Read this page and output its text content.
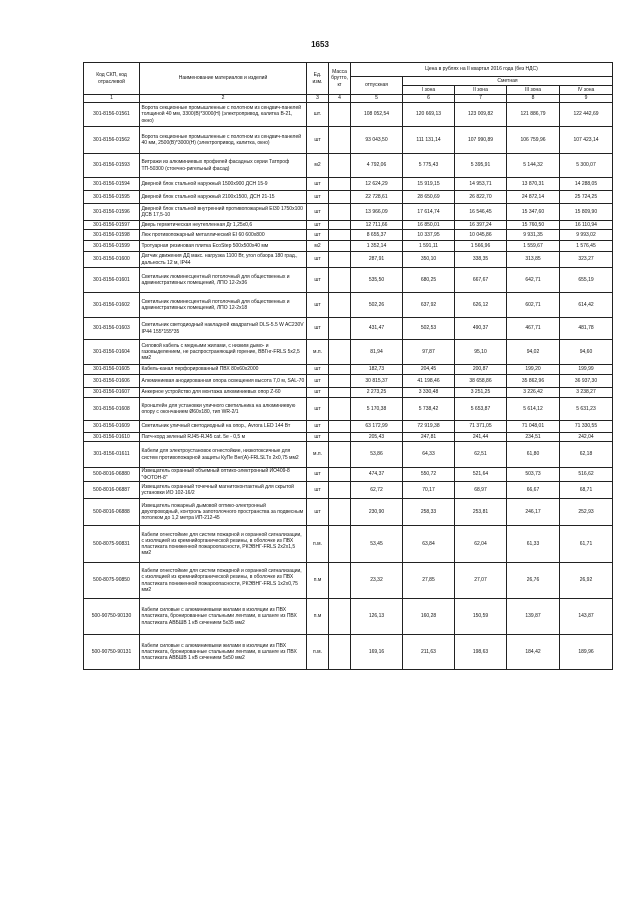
1653
Код СКП, код отраслевой	Наименование материалов и изделий	Ед. изм.	Масса брутто, кг	Цена в рублях на II квартал 2016 года (без НДС)				
				отпускная	Сметная			
					I зона	II зона	III зона	IV зона
1	2	3	4	5	6	7	8	9
301-8156-01561	Ворота секционные промышленные с полотном из сендвич-панелей толщиной 40 мм, 3300(В)*3000(Н) (электропривод, калитка В-21, окно)	шт.		108 052,54	120 669,13	123 009,82	121 886,79	122 442,69
301-8156-01562	Ворота секционные промышленные с полотном из сендвич-панелей 40 мм, 2500(В)*3000(Н) (электропривод, калитка, окно)	шт		93 043,50	111 131,14	107 990,89	106 759,96	107 423,14
301-8156-01593	Витражи из алюминиевых профилей фасадных серии Татпроф ТП-50300 (стоечно-ригельный фасад)	м2		4 792,06	5 775,43	5 395,91	5 144,32	5 300,07
301-8156-01594	Дверной блок стальной наружный 1500х900 ДСН 15-9	шт		12 624,29	15 919,15	14 953,71	13 870,31	14 288,05
301-8156-01595	Дверной блок стальной наружный 2100х1500, ДСН 21-15	шт		22 728,61	28 650,69	26 822,70	24 872,14	25 724,25
301-8156-01596	Дверной блок стальной внутренний противопожарный EI30 1750х100 ДСВ 17,5-10	шт		13 966,09	17 614,74	16 546,45	15 347,60	15 809,90
301-8156-01597	Дверь герметическая неутепленная Дг 1,25х0,6	шт		12 711,66	16 850,01	16 397,24	15 760,50	16 110,94
301-8156-01598	Люк противопожарный металлический EI 60 600х800	шт		8 655,37	10 337,95	10 045,86	9 931,35	9 993,02
301-8156-01599	Тротуарная резиновая плитка EcoStep 500х500х40 мм	м2		1 352,14	1 591,11	1 566,96	1 559,67	1 576,45
301-8156-01600	Датчик движения ДД макс. нагрузка 1100 Вт, угол обзора 180 град., дальность 12 м, IP44	шт		287,91	350,10	338,35	313,85	323,27
301-8156-01601	Светильник люминесцентный потолочный для общественных и административных помещений, ЛПО 12-2х36	шт		535,50	680,25	667,67	642,71	655,19
301-8156-01602	Светильник люминесцентный потолочный для общественных и административных помещений, ЛПО 12-2х18	шт		502,26	637,92	626,12	602,71	614,42
301-8156-01603	Светильник светодиодный накладной квадратный DLS-5.5 W AC230V IP44 155*155*35	шт		431,47	502,53	490,37	467,71	481,78
301-8156-01604	Силовой кабель с медными жилами, с низким дымо- и газовыделением, не распространяющий горение, ВВГнг-FRLS 5х2,5 мм2	м.п.		81,94	97,87	95,10	94,02	94,60
301-8156-01605	Кабель-канал перфорированный ПВХ 80х60х2000	шт		182,73	204,45	200,87	199,20	199,99
301-8156-01606	Алюминиевая анодированная опора освещения высота 7,0 м, SAL-70	шт		30 815,37	41 198,46	38 658,86	35 862,96	36 937,30
301-8156-01607	Анкерное устройство для монтажа алюминиевых опор Z-60	шт		2 273,25	3 330,48	3 251,25	3 226,42	3 238,27
301-8156-01608	Кронштейн для установки уличного светильника на алюминиевую опору с окончанием Ø60х180, тип WR-2/1	шт		5 170,38	5 738,42	5 653,87	5 614,12	5 631,23
301-8156-01609	Светильник уличный светодиодный на опор., Avrora LED 144 Вт	шт		63 172,99	72 919,38	71 371,05	71 048,01	71 330,55
301-8156-01610	Патч-корд зеленый RJ45-RJ45 cat. 5e - 0,5 м	шт		205,43	247,81	241,44	234,51	242,04
301-8156-01611	Кабели для электроустановок огнестойкие, низкотоксичные для систем противопожарной защиты КуПе Внг(А)-FRLSLTx 2х0,75 мм2	м.п.		53,86	64,33	62,51	61,80	62,18
500-8016-06880	Извещатель охранный объемный оптико-электронный ИО409-8 "ФОТОН-8"	шт		474,37	550,72	521,64	503,73	516,62
500-8016-06887	Извещатель охранный точечный магнитоконтактный для скрытой установки ИО 102-16/2	шт		62,72	70,17	68,97	66,67	68,71
500-8016-06888	Извещатель пожарный дымовой оптико-электронный двухпроводный, контроль запотолочного пространства за подвесным потолком до 1,2 метра ИП-212-45	шт		230,90	258,33	253,81	246,17	252,93
500-8075-90831	Кабели огнестойкие для систем пожарной и охранной сигнализации, с изоляцией из кремнийорганической резины, в оболочке из ПВХ пластиката пониженной пожароопасности, РКЭВНГ-FRLS 2х2х1,5 мм2	п.м.		53,45	63,84	62,04	61,33	61,71
500-8075-90850	Кабели огнестойкие для систем пожарной и охранной сигнализации, с изоляцией из кремнийорганической резины, в оболочке из ПВХ пластиката пониженной пожароопасности, РКЭВНГ-FRLS 1х2х0,75 мм2	п.м		23,32	27,85	27,07	26,76	26,92
500-90750-90130	Кабели силовые с алюминиевыми жилами в изоляции из ПВХ пластиката, бронированные стальными лентами, в шланге из ПВХ пластиката АВБШВ 1 кВ сечением 5х35 мм2	п.м		126,13	160,28	150,59	139,87	143,87
500-90750-90131	Кабели силовые с алюминиевыми жилами в изоляции из ПВХ пластиката, бронированные стальными лентами, в шланге из ПВХ пластиката АВБШВ 1 кВ сечением 5х50 мм2	п.м.		169,16	211,63	198,63	184,42	189,96
